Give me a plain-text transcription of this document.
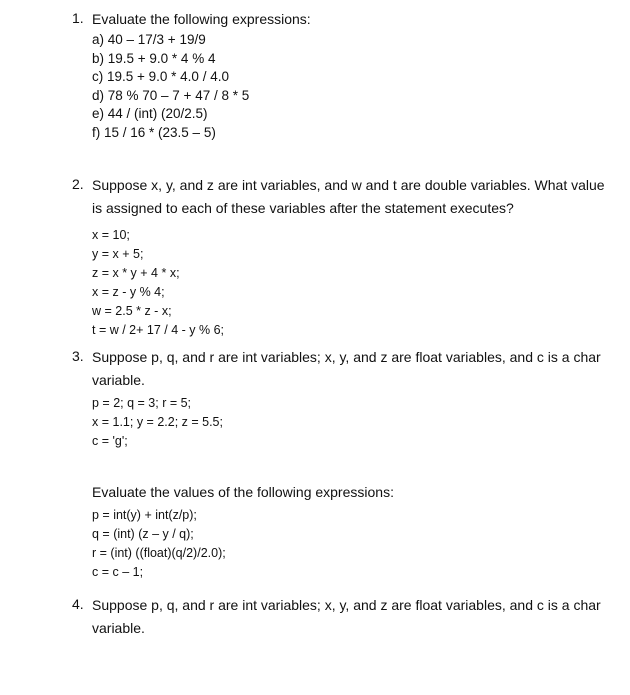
1. Evaluate the following expressions:
a) 40 – 17/3 + 19/9
b) 19.5 + 9.0 * 4 % 4
c) 19.5 + 9.0 * 4.0 / 4.0
d) 78 % 70 – 7 + 47 / 8 * 5
e) 44 / (int) (20/2.5)
f) 15 / 16 * (23.5 – 5)
2. Suppose x, y, and z are int variables, and w and t are double variables. What value is assigned to each of these variables after the statement executes?
x = 10;
y = x + 5;
z = x * y + 4 * x;
x = z - y % 4;
w = 2.5 * z - x;
t = w / 2+ 17 / 4 - y % 6;
3. Suppose p, q, and r are int variables; x, y, and z are float variables, and c is a char variable.
p = 2; q = 3; r = 5;
x = 1.1; y = 2.2; z = 5.5;
c = 'g';
Evaluate the values of the following expressions:
p = int(y) + int(z/p);
q = (int) (z – y / q);
r = (int) ((float)(q/2)/2.0);
c = c – 1;
4. Suppose p, q, and r are int variables; x, y, and z are float variables, and c is a char variable.
